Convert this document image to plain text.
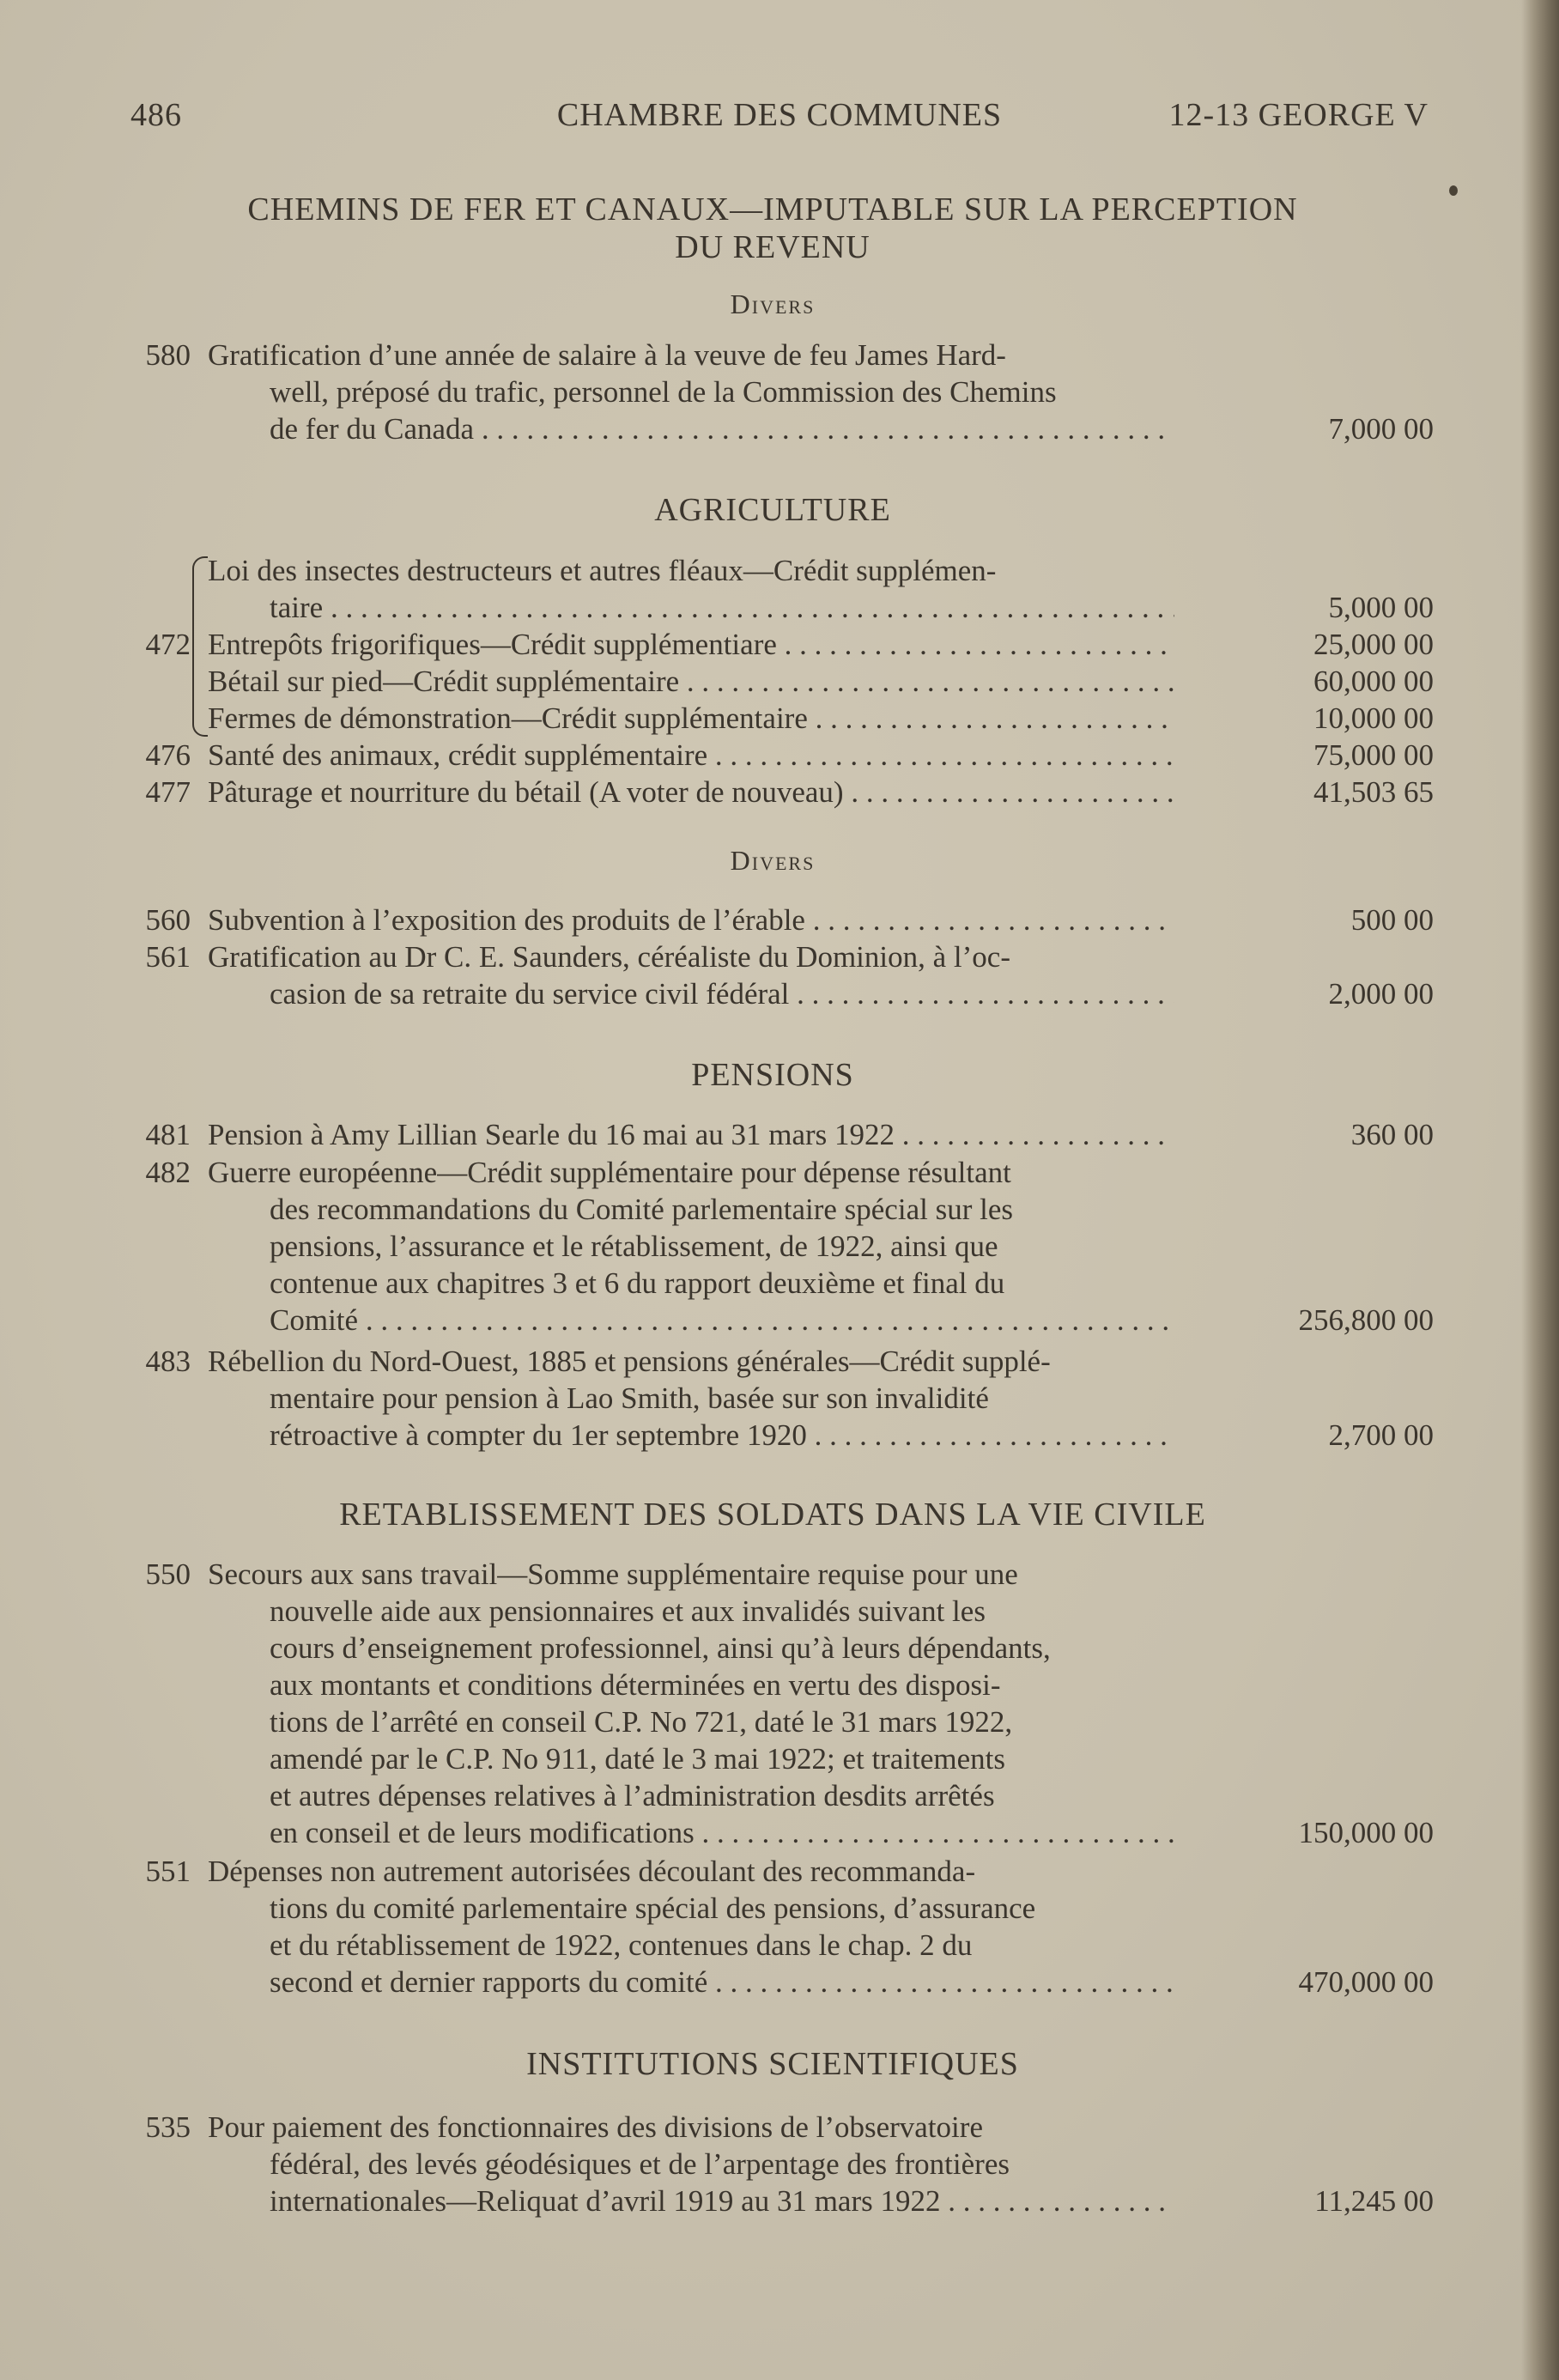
486	CHAMBRE DES COMMUNES	12-13 GEORGE V
CHEMINS DE FER ET CANAUX—IMPUTABLE SUR LA PERCEPTION
DU REVENU
Divers
580 Gratification d’une année de salaire à la veuve de feu James Hard-
well, préposé du trafic, personnel de la Commission des Chemins
de fer du Canada . . .	7,000 00
AGRICULTURE

Loi des insectes destructeurs et autres fléaux—Crédit supplémen-
taire . . .	5,000 00
472 Entrepôts frigorifiques—Crédit supplémentiare . . .	25,000 00

Bétail sur pied—Crédit supplémentaire . . .	60,000 00

Fermes de démonstration—Crédit supplémentaire . . .	10,000 00
476 Santé des animaux, crédit supplémentaire . . .	75,000 00
477 Pâturage et nourriture du bétail (A voter de nouveau) . . .	41,503 65
Divers
560 Subvention à l’exposition des produits de l’érable . . .	500 00
561 Gratification au Dr C. E. Saunders, céréaliste du Dominion, à l’oc-
casion de sa retraite du service civil fédéral . . .	2,000 00
PENSIONS
481 Pension à Amy Lillian Searle du 16 mai au 31 mars 1922 . . .	360 00
482 Guerre européenne—Crédit supplémentaire pour dépense résultant
des recommandations du Comité parlementaire spécial sur les
pensions, l’assurance et le rétablissement, de 1922, ainsi que
contenue aux chapitres 3 et 6 du rapport deuxième et final du
Comité . . .	256,800 00
483 Rébellion du Nord-Ouest, 1885 et pensions générales—Crédit supplé-
mentaire pour pension à Lao Smith, basée sur son invalidité
rétroactive à compter du 1er septembre 1920 . . .	2,700 00
RETABLISSEMENT DES SOLDATS DANS LA VIE CIVILE
550 Secours aux sans travail—Somme supplémentaire requise pour une
nouvelle aide aux pensionnaires et aux invalidés suivant les
cours d’enseignement professionnel, ainsi qu’à leurs dépendants,
aux montants et conditions déterminées en vertu des disposi-
tions de l’arrêté en conseil C.P. No 721, daté le 31 mars 1922,
amendé par le C.P. No 911, daté le 3 mai 1922; et traitements
et autres dépenses relatives à l’administration desdits arrêtés
en conseil et de leurs modifications . . .	150,000 00
551 Dépenses non autrement autorisées découlant des recommanda-
tions du comité parlementaire spécial des pensions, d’assurance
et du rétablissement de 1922, contenues dans le chap. 2 du
second et dernier rapports du comité . . .	470,000 00
INSTITUTIONS SCIENTIFIQUES
535 Pour paiement des fonctionnaires des divisions de l’observatoire
fédéral, des levés géodésiques et de l’arpentage des frontières
internationales—Reliquat d’avril 1919 au 31 mars 1922 . . .	11,245 00
